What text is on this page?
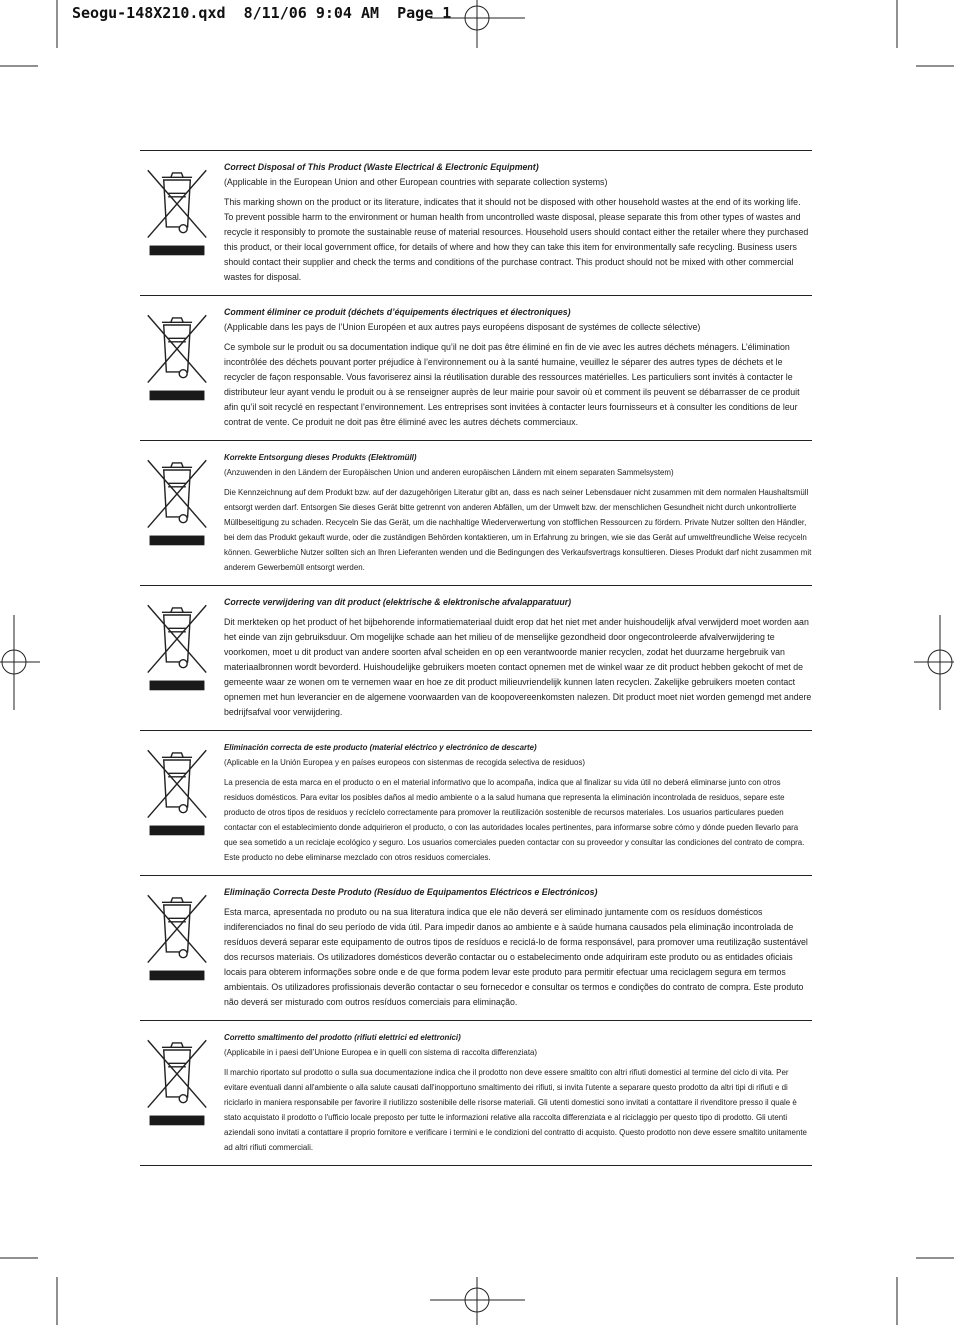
Seogu-148X210.qxd  8/11/06 9:04 AM  Page 1
Correct Disposal of This Product (Waste Electrical & Electronic Equipment)
(Applicable in the European Union and other European countries with separate collection systems)
This marking shown on the product or its literature, indicates that it should not be disposed with other household wastes at the end of its working life. To prevent possible harm to the environment or human health from uncontrolled waste disposal, please separate this from other types of wastes and recycle it responsibly to promote the sustainable reuse of material resources. Household users should contact either the retailer where they purchased this product, or their local government office, for details of where and how they can take this item for environmentally safe recycling. Business users should contact their supplier and check the terms and conditions of the purchase contract. This product should not be mixed with other commercial wastes for disposal.
Comment éliminer ce produit (déchets d’équipements électriques et électroniques)
(Applicable dans les pays de l’Union Européen et aux autres pays européens disposant de systémes de collecte sélective)
Ce symbole sur le produit ou sa documentation indique qu’il ne doit pas être éliminé en fin de vie avec les autres déchets ménagers. L’élimination incontrôlée des déchets pouvant porter préjudice à l’environnement ou à la santé humaine, veuillez le séparer des autres types de déchets et le recycler de façon responsable. Vous favoriserez ainsi la réutilisation durable des ressources matérielles. Les particuliers sont invités à contacter le distributeur leur ayant vendu le produit ou à se renseigner auprès de leur mairie pour savoir où et comment ils peuvent se débarrasser de ce produit afin qu’il soit recyclé en respectant l’environnement. Les entreprises sont invitées à contacter leurs fournisseurs et à consulter les conditions de leur contrat de vente. Ce produit ne doit pas être éliminé avec les autres déchets commerciaux.
Korrekte Entsorgung dieses Produkts (Elektromüll)
(Anzuwenden in den Ländern der Europäischen Union und anderen europäischen Ländern mit einem separaten Sammelsystem)
Die Kennzeichnung auf dem Produkt bzw. auf der dazugehörigen Literatur gibt an, dass es nach seiner Lebensdauer nicht zusammen mit dem normalen Haushaltsmüll entsorgt werden darf. Entsorgen Sie dieses Gerät bitte getrennt von anderen Abfällen, um der Umwelt bzw. der menschlichen Gesundheit nicht durch unkontrollierte Müllbeseitigung zu schaden. Recyceln Sie das Gerät, um die nachhaltige Wiederverwertung von stofflichen Ressourcen zu fördern. Private Nutzer sollten den Händler, bei dem das Produkt gekauft wurde, oder die zuständigen Behörden kontaktieren, um in Erfahrung zu bringen, wie sie das Gerät auf umweltfreundliche Weise recyceln können. Gewerbliche Nutzer sollten sich an Ihren Lieferanten wenden und die Bedingungen des Verkaufsvertrags konsultieren. Dieses Produkt darf nicht zusammen mit anderem Gewerbemüll entsorgt werden.
Correcte verwijdering van dit product (elektrische & elektronische afvalapparatuur)
Dit merkteken op het product of het bijbehorende informatiemateriaal duidt erop dat het niet met ander huishoudelijk afval verwijderd moet worden aan het einde van zijn gebruiksduur. Om mogelijke schade aan het milieu of de menselijke gezondheid door ongecontroleerde afvalverwijdering te voorkomen, moet u dit product van andere soorten afval scheiden en op een verantwoorde manier recyclen, zodat het duurzame hergebruik van materiaalbronnen wordt bevorderd. Huishoudelijke gebruikers moeten contact opnemen met de winkel waar ze dit product hebben gekocht of met de gemeente waar ze wonen om te vernemen waar en hoe ze dit product milieuvriendelijk kunnen laten recyclen. Zakelijke gebruikers moeten contact opnemen met hun leverancier en de algemene voorwaarden van de koopovereenkomsten nalezen. Dit product moet niet worden gemengd met andere bedrijfsafval voor verwijdering.
Eliminación correcta de este producto (material eléctrico y electrónico de descarte)
(Aplicable en la Unión Europea y en países europeos con sistenmas de recogida selectiva de residuos)
La presencia de esta marca en el producto o en el material informativo que lo acompaña, indica que al finalizar su vida útil no deberá eliminarse junto con otros residuos domésticos. Para evitar los posibles daños al medio ambiente o a la salud humana que representa la eliminación incontrolada de residuos, separe este producto de otros tipos de residuos y recíclelo correctamente para promover la reutilización sostenible de recursos materiales. Los usuarios particulares pueden contactar con el establecimiento donde adquirieron el producto, o con las autoridades locales pertinentes, para informarse sobre cómo y dónde pueden llevarlo para que sea sometido a un reciclaje ecológico y seguro. Los usuarios comerciales pueden contactar con su proveedor y consultar las condiciones del contrato de compra. Este producto no debe eliminarse mezclado con otros residuos comerciales.
Eliminação Correcta Deste Produto (Resíduo de Equipamentos Eléctricos e Electrónicos)
Esta marca, apresentada no produto ou na sua literatura indica que ele não deverá ser eliminado juntamente com os resíduos domésticos indiferenciados no final do seu período de vida útil. Para impedir danos ao ambiente e à saúde humana causados pela eliminação incontrolada de resíduos deverá separar este equipamento de outros tipos de resíduos e reciclá-lo de forma responsável, para promover uma reutilização sustentável dos recursos materiais. Os utilizadores domésticos deverão contactar ou o estabelecimento onde adquiriram este produto ou as entidades oficiais locais para obterem informações sobre onde e de que forma podem levar este produto para permitir efectuar uma reciclagem segura em termos ambientais. Os utilizadores profissionais deverão contactar o seu fornecedor e consultar os termos e condições do contrato de compra. Este produto não deverá ser misturado com outros resíduos comerciais para eliminação.
Corretto smaltimento del prodotto (rifiuti elettrici ed elettronici)
(Applicabile in i paesi dell’Unione Europea e in quelli con sistema di raccolta differenziata)
Il marchio riportato sul prodotto o sulla sua documentazione indica che il prodotto non deve essere smaltito con altri rifiuti domestici al termine del ciclo di vita. Per evitare eventuali danni all'ambiente o alla salute causati dall'inopportuno smaltimento dei rifiuti, si invita l'utente a separare questo prodotto da altri tipi di rifiuti e di riciclarlo in maniera responsabile per favorire il riutilizzo sostenibile delle risorse materiali. Gli utenti domestici sono invitati a contattare il rivenditore presso il quale è stato acquistato il prodotto o l'ufficio locale preposto per tutte le informazioni relative alla raccolta differenziata e al riciclaggio per questo tipo di prodotto. Gli utenti aziendali sono invitati a contattare il proprio fornitore e verificare i termini e le condizioni del contratto di acquisto. Questo prodotto non deve essere smaltito unitamente ad altri rifiuti commerciali.
